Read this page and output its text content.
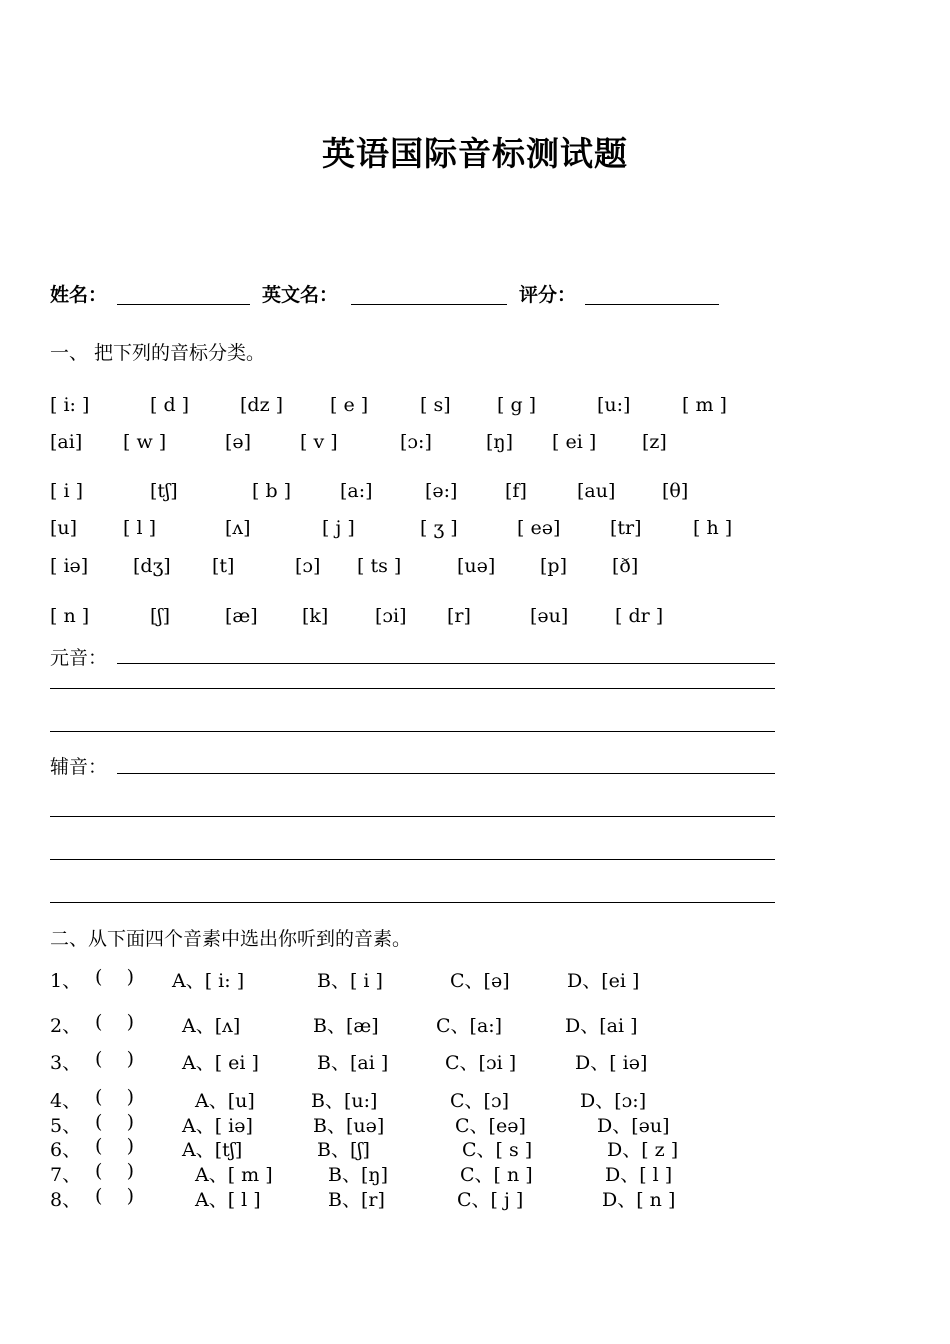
英语国际音标测试题
姓名：	英文名：	评分：
一、 把下列的音标分类。
[ i: ]	[ d ]	[dz ] [ e ]	[ s] [ g ]	[u:]	[ m ]
[ai] [ w ]	[ə]	[ v ]	[ɔ:]	[ŋ] [ ei ] [z]
[ i ]	[tʃ]	[ b ]	[a:]	[ə:]	[f]	[au] [θ]
[u] [ l ]	[ʌ]	[ j ]	[ ʒ ]	[ eə]	[tr]	[ h ]
[ iə] [dʒ] [t]	[ɔ] [ ts ]	[uə] [p] [ð]
[ n ]	[ʃ]	[æ] [k] [ɔi] [r]	[əu] [ dr ]
元音：
辅音：
二、从下面四个音素中选出你听到的音素。
1、 (    ) A、[ i: ]	B、[ i ]	C、[ə]	D、[ei ]
2、 (    )	A、[ʌ]	B、[æ]	C、[a:]	D、[ai ]
3、 (    )	A、[ ei ]	B、[ai ]	C、[ɔi ]	D、[ iə]
4、 (    )	A、[u]	B、[u:]	C、[ɔ]	D、[ɔ:]
5、 (    )	A、[ iə]	B、[uə]	C、[eə]	D、[əu]
6、 (    )	A、[tʃ]	B、[ʃ]	C、[ s ]	D、[ z ]
7、 (    )	A、[ m ]	B、[ŋ]	C、[ n ]	D、[ l ]
8、 (    )	A、[ l ]	B、[r]	C、[ j ]	D、[ n ]
